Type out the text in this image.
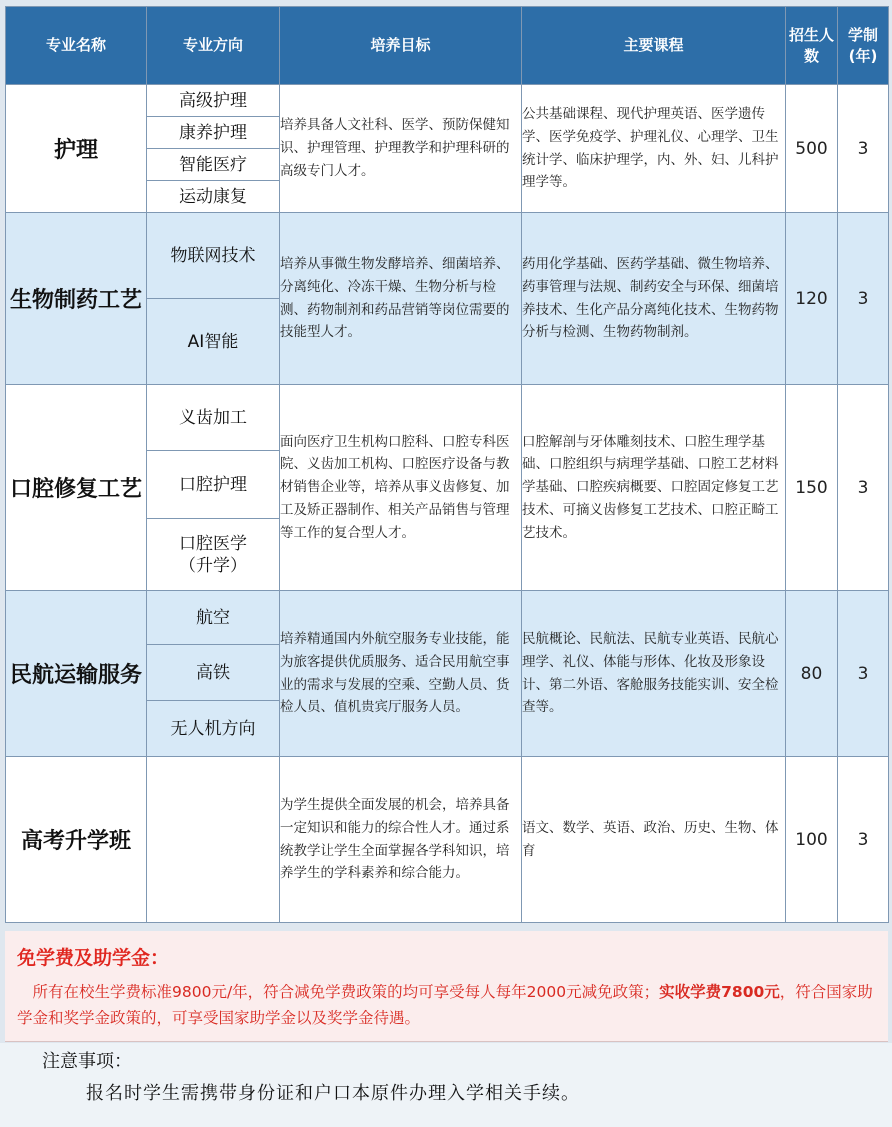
专业名称	专业方向	培养目标	主要课程	招生人数	学制(年)
护理	高级护理	培养具备人文社科、医学、预防保健知识、护理管理、护理教学和护理科研的高级专门人才。	公共基础课程、现代护理英语、医学遗传学、医学免疫学、护理礼仪、心理学、卫生统计学、临床护理学，内、外、妇、儿科护理学等。	500	3
	康养护理				
	智能医疗				
	运动康复				
生物制药工艺	物联网技术	培养从事微生物发酵培养、细菌培养、分离纯化、冷冻干燥、生物分析与检测、药物制剂和药品营销等岗位需要的技能型人才。	药用化学基础、医药学基础、微生物培养、药事管理与法规、制药安全与环保、细菌培养技术、生化产品分离纯化技术、生物药物分析与检测、生物药物制剂。	120	3
	AI智能				
口腔修复工艺	义齿加工	面向医疗卫生机构口腔科、口腔专科医院、义齿加工机构、口腔医疗设备与教材销售企业等，培养从事义齿修复、加工及矫正器制作、相关产品销售与管理等工作的复合型人才。	口腔解剖与牙体雕刻技术、口腔生理学基础、口腔组织与病理学基础、口腔工艺材料学基础、口腔疾病概要、口腔固定修复工艺技术、可摘义齿修复工艺技术、口腔正畸工艺技术。	150	3
	口腔护理				
	口腔医学（升学）				
民航运输服务	航空	培养精通国内外航空服务专业技能，能为旅客提供优质服务、适合民用航空事业的需求与发展的空乘、空勤人员、货检人员、值机贵宾厅服务人员。	民航概论、民航法、民航专业英语、民航心理学、礼仪、体能与形体、化妆及形象设计、第二外语、客舱服务技能实训、安全检查等。	80	3
	高铁				
	无人机方向				
高考升学班		为学生提供全面发展的机会，培养具备一定知识和能力的综合性人才。通过系统教学让学生全面掌握各学科知识，培养学生的学科素养和综合能力。	语文、数学、英语、政治、历史、生物、体育	100	3
免学费及助学金：
 所有在校生学费标准9800元/年，符合减免学费政策的均可享受每人每年2000元减免政策；实收学费7800元，符合国家助学金和奖学金政策的，可享受国家助学金以及奖学金待遇。
注意事项：
报名时学生需携带身份证和户口本原件办理入学相关手续。
